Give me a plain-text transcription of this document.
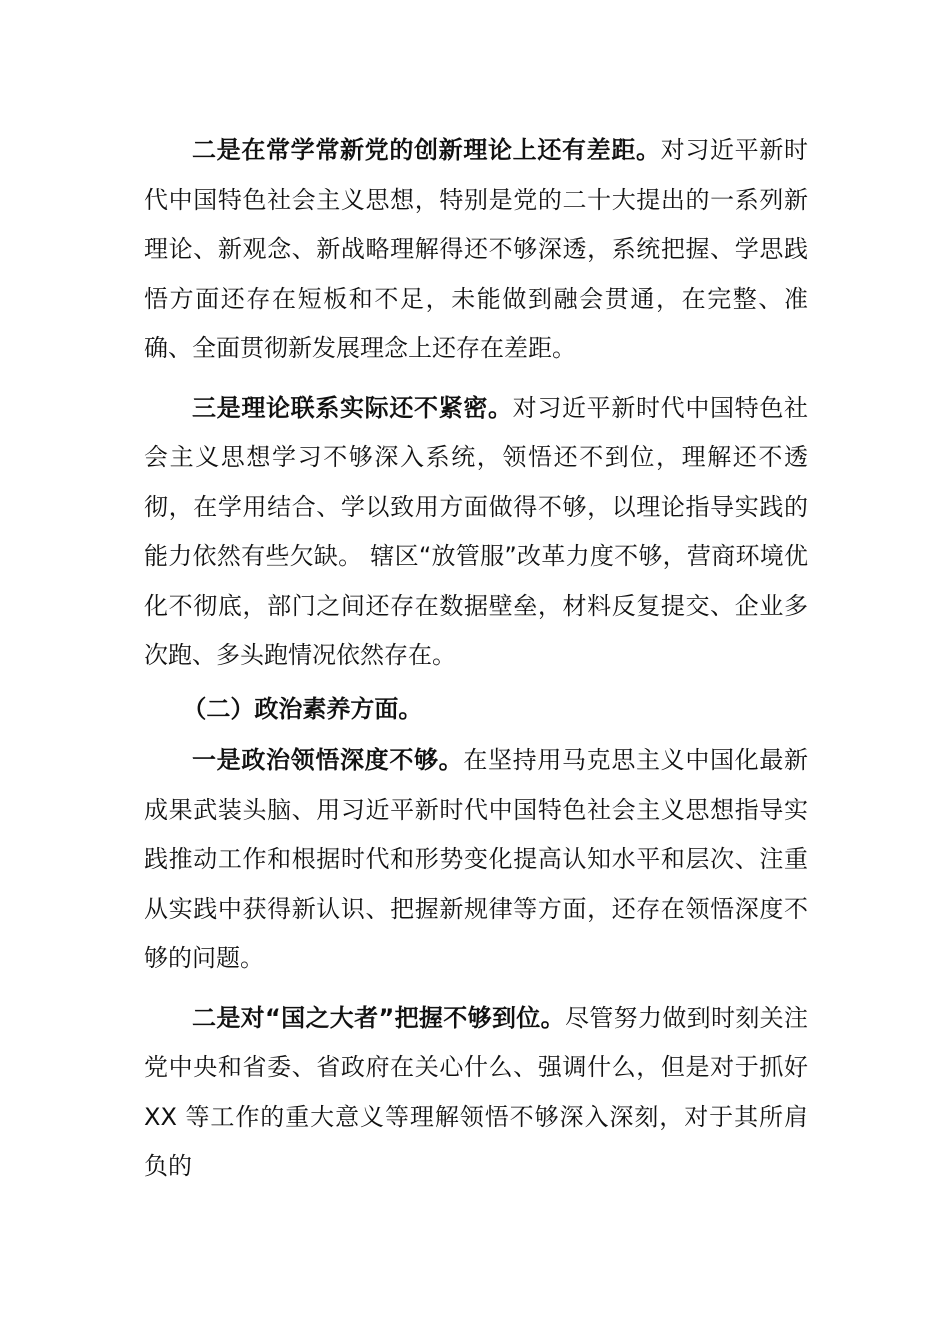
二是在常学常新党的创新理论上还有差距。对习近平新时代中国特色社会主义思想，特别是党的二十大提出的一系列新理论、新观念、新战略理解得还不够深透，系统把握、学思践悟方面还存在短板和不足，未能做到融会贯通，在完整、准确、全面贯彻新发展理念上还存在差距。

三是理论联系实际还不紧密。对习近平新时代中国特色社会主义思想学习不够深入系统，领悟还不到位，理解还不透彻，在学用结合、学以致用方面做得不够，以理论指导实践的能力依然有些欠缺。 辖区“放管服”改革力度不够，营商环境优化不彻底，部门之间还存在数据壁垒，材料反复提交、企业多次跑、多头跑情况依然存在。

（二）政治素养方面。

一是政治领悟深度不够。在坚持用马克思主义中国化最新成果武装头脑、用习近平新时代中国特色社会主义思想指导实践推动工作和根据时代和形势变化提高认知水平和层次、注重从实践中获得新认识、把握新规律等方面，还存在领悟深度不够的问题。

二是对“国之大者”把握不够到位。尽管努力做到时刻关注党中央和省委、省政府在关心什么、强调什么，但是对于抓好 XX 等工作的重大意义等理解领悟不够深入深刻，对于其所肩负的
